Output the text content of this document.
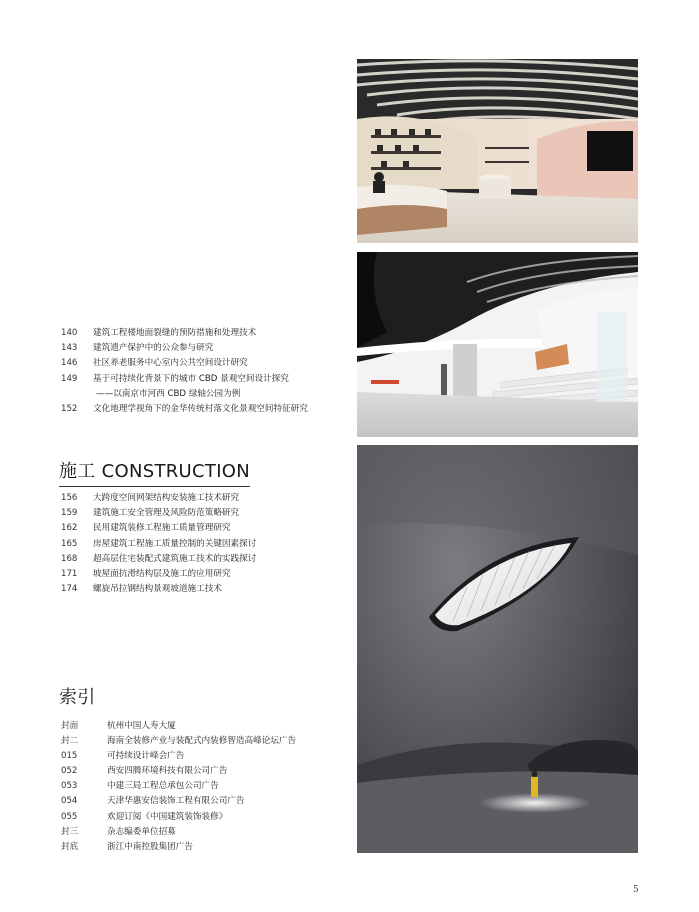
140	建筑工程楼地面裂缝的预防措施和处理技术
143	建筑遗产保护中的公众参与研究
146	社区养老服务中心室内公共空间设计研究
149	基于可持续化背景下的城市 CBD 景观空间设计探究
——以南京市河西 CBD 绿轴公园为例
152	文化地理学视角下的金华传统村落文化景观空间特征研究
施工 CONSTRUCTION
156	大跨度空间网架结构安装施工技术研究
159	建筑施工安全管理及风险防范策略研究
162	民用建筑装修工程施工质量管理研究
165	房屋建筑工程施工质量控制的关键因素探讨
168	超高层住宅装配式建筑施工技术的实践探讨
171	坡屋面抗滑结构层及施工的应用研究
174	螺旋吊拉钢结构景观坡道施工技术
索引
封面	杭州中国人寿大厦
封二	海南全装修产业与装配式内装修智造高峰论坛广告
015	可持续设计峰会广告
052	西安四腾环境科技有限公司广告
053	中建三局工程总承包公司广告
054	天津华惠安信装饰工程有限公司广告
055	欢迎订阅《中国建筑装饰装修》
封三	杂志编委单位招募
封底	浙江中南控股集团广告
5
